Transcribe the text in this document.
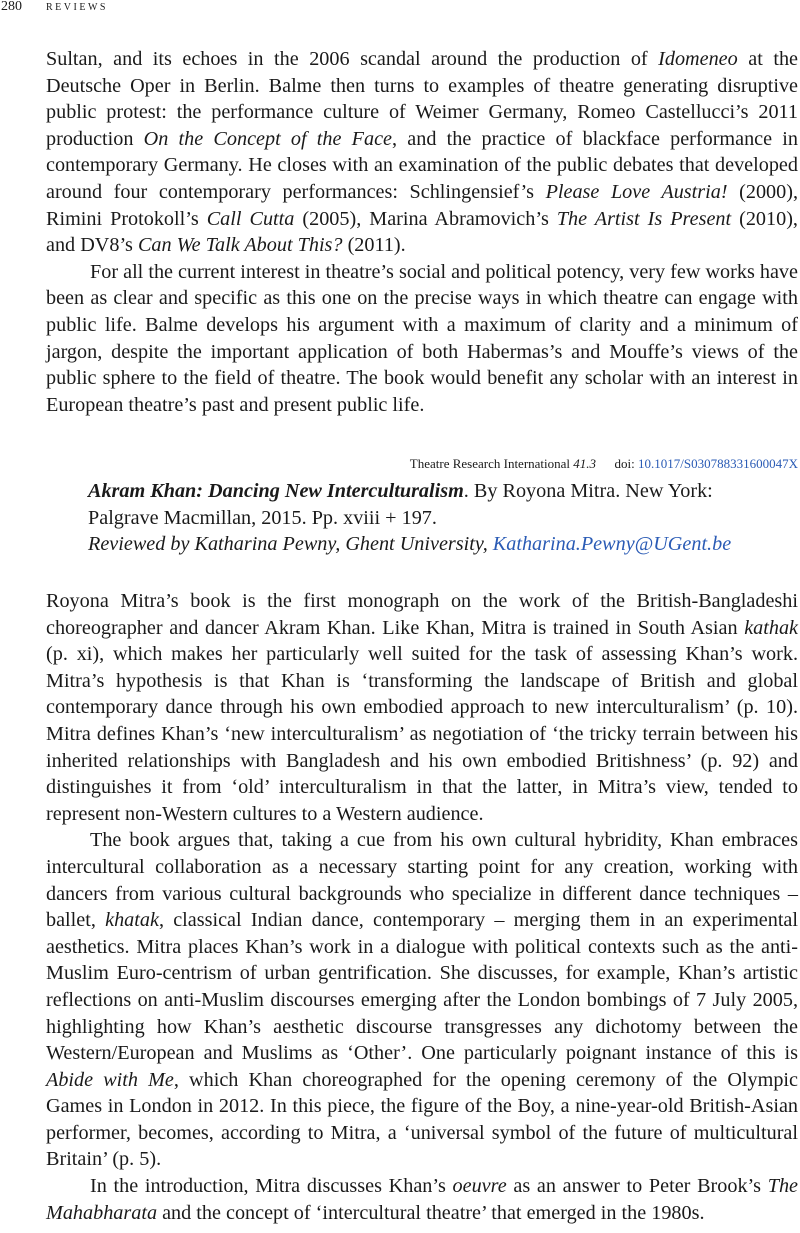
280 reviews

Sultan, and its echoes in the 2006 scandal around the production of Idomeneo at the Deutsche Oper in Berlin. Balme then turns to examples of theatre generating disruptive public protest: the performance culture of Weimer Germany, Romeo Castellucci’s 2011 production On the Concept of the Face, and the practice of blackface performance in contemporary Germany. He closes with an examination of the public debates that developed around four contemporary performances: Schlingensief’s Please Love Austria! (2000), Rimini Protokoll’s Call Cutta (2005), Marina Abramovich’s The Artist Is Present (2010), and DV8’s Can We Talk About This? (2011).

For all the current interest in theatre’s social and political potency, very few works have been as clear and specific as this one on the precise ways in which theatre can engage with public life. Balme develops his argument with a maximum of clarity and a minimum of jargon, despite the important application of both Habermas’s and Mouffe’s views of the public sphere to the field of theatre. The book would benefit any scholar with an interest in European theatre’s past and present public life.

Theatre Research International 41.3 doi: 10.1017/S030788331600047X
Akram Khan: Dancing New Interculturalism. By Royona Mitra. New York: Palgrave Macmillan, 2015. Pp. xviii + 197.
Reviewed by Katharina Pewny, Ghent University, Katharina.Pewny@UGent.be

Royona Mitra’s book is the first monograph on the work of the British-Bangladeshi choreographer and dancer Akram Khan. Like Khan, Mitra is trained in South Asian kathak (p. xi), which makes her particularly well suited for the task of assessing Khan’s work. Mitra’s hypothesis is that Khan is ‘transforming the landscape of British and global contemporary dance through his own embodied approach to new interculturalism’ (p. 10). Mitra defines Khan’s ‘new interculturalism’ as negotiation of ‘the tricky terrain between his inherited relationships with Bangladesh and his own embodied Britishness’ (p. 92) and distinguishes it from ‘old’ interculturalism in that the latter, in Mitra’s view, tended to represent non-Western cultures to a Western audience.

The book argues that, taking a cue from his own cultural hybridity, Khan embraces intercultural collaboration as a necessary starting point for any creation, working with dancers from various cultural backgrounds who specialize in different dance techniques – ballet, khatak, classical Indian dance, contemporary – merging them in an experimental aesthetics. Mitra places Khan’s work in a dialogue with political contexts such as the anti-Muslim Euro-centrism of urban gentrification. She discusses, for example, Khan’s artistic reflections on anti-Muslim discourses emerging after the London bombings of 7 July 2005, highlighting how Khan’s aesthetic discourse transgresses any dichotomy between the Western/European and Muslims as ‘Other’. One particularly poignant instance of this is Abide with Me, which Khan choreographed for the opening ceremony of the Olympic Games in London in 2012. In this piece, the figure of the Boy, a nine-year-old British-Asian performer, becomes, according to Mitra, a ‘universal symbol of the future of multicultural Britain’ (p. 5).

In the introduction, Mitra discusses Khan’s oeuvre as an answer to Peter Brook’s The Mahabharata and the concept of ‘intercultural theatre’ that emerged in the 1980s.
